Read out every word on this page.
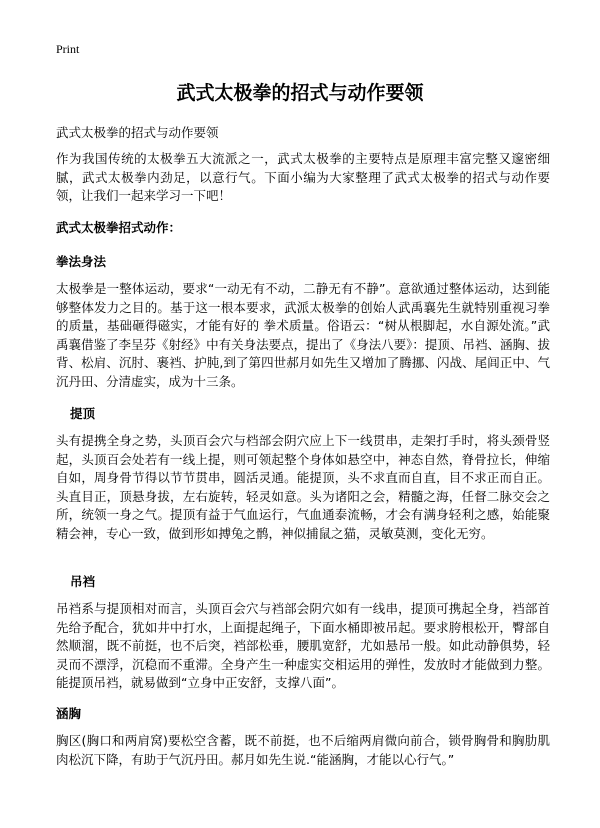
Print
武式太极拳的招式与动作要领

武式太极拳的招式与动作要领

作为我国传统的太极拳五大流派之一，武式太极拳的主要特点是原理丰富完整又邃密细腻，武式太极拳内劲足，以意行气。下面小编为大家整理了武式太极拳的招式与动作要领，让我们一起来学习一下吧！

武式太极拳招式动作：

拳法身法

太极拳是一整体运动，要求“一动无有不动，二静无有不静”。意欲通过整体运动，达到能够整体发力之目的。基于这一根本要求，武派太极拳的创始人武禹襄先生就特别重视习拳的质量，基础砸得磁实，才能有好的 拳术质量。俗语云：“树从根脚起，水自源处流。”武禹襄借鉴了李呈芬《射经》中有关身法要点，提出了《身法八要》：提顶、吊裆、涵胸、拔背、松肩、沉肘、裹裆、护肫,到了第四世郝月如先生又增加了腾挪、闪战、尾闾正中、气沉丹田、分清虚实，成为十三条。

提顶

头有提携全身之势，头顶百会穴与档部会阴穴应上下一线贯串，走架打手时，将头颈骨竖起，头顶百会处若有一线上提，则可领起整个身体如悬空中，神态自然，脊骨拉长，伸缩自如，周身骨节得以节节贯串，圆活灵通。能提顶，头不求直而自直，目不求正而自正。头直目正，顶悬身拔，左右旋转，轻灵如意。头为诸阳之会，精髓之海，任督二脉交会之所，统领一身之气。提顶有益于气血运行，气血通泰流畅，才会有满身轻利之感，始能聚精会神，专心一致，做到形如搏兔之鹘，神似捕鼠之猫，灵敏莫测，变化无穷。

吊裆

吊裆系与提顶相对而言，头顶百会穴与裆部会阴穴如有一线串，提顶可携起全身，裆部首先给予配合，犹如井中打水，上面提起绳子，下面水桶即被吊起。要求胯根松开，臀部自然顺溜，既不前挺，也不后突，裆部松垂，腰肌宽舒，尤如悬吊一般。如此动静俱势，轻灵而不漂浮，沉稳而不重滞。全身产生一种虚实交相运用的弹性，发放时才能做到力整。能提顶吊裆，就易做到“立身中正安舒，支撑八面”。

涵胸

胸区(胸口和两肩窝)要松空含蓄，既不前挺，也不后缩两肩微向前合，锁骨胸骨和胸肋肌肉松沉下降，有助于气沉丹田。郝月如先生说.“能涵胸，才能以心行气。”
